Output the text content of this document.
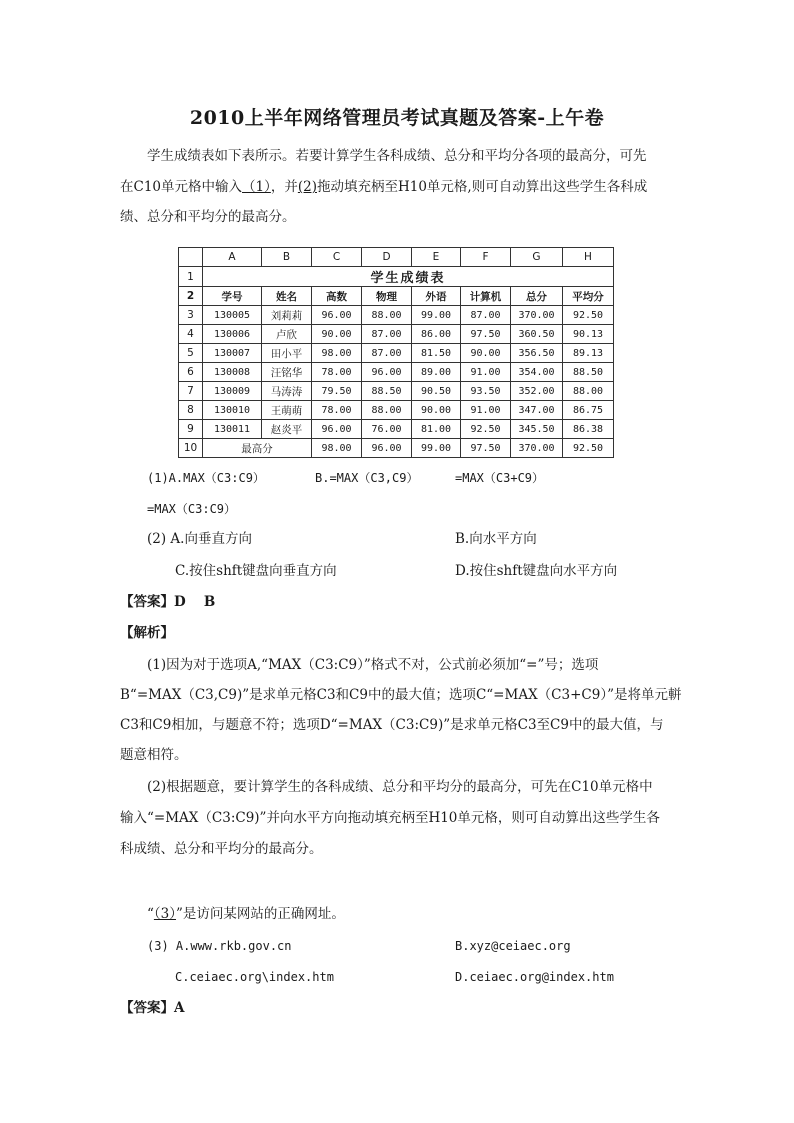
2010上半年网络管理员考试真题及答案-上午卷
学生成绩表如下表所示。若要计算学生各科成绩、总分和平均分各项的最高分，可先
在C10单元格中输入（1），并(2)拖动填充柄至H10单元格,则可自动算出这些学生各科成
绩、总分和平均分的最高分。
	A	B	C	D	E	F	G	H
1	学生成绩表							
2	学号	姓名	高数	物理	外语	计算机	总分	平均分
3	130005	刘莉莉	96.00	88.00	99.00	87.00	370.00	92.50
4	130006	卢欣	90.00	87.00	86.00	97.50	360.50	90.13
5	130007	田小平	98.00	87.00	81.50	90.00	356.50	89.13
6	130008	汪铭华	78.00	96.00	89.00	91.00	354.00	88.50
7	130009	马涛涛	79.50	88.50	90.50	93.50	352.00	88.00
8	130010	王萌萌	78.00	88.00	90.00	91.00	347.00	86.75
9	130011	赵炎平	96.00	76.00	81.00	92.50	345.50	86.38
10	最高分		98.00	96.00	99.00	97.50	370.00	92.50
(1)A.MAX（C3:C9）	B.=MAX（C3,C9）	=MAX（C3+C9）
=MAX（C3:C9）
(2) A.向垂直方向	B.向水平方向
C.按住shft键盘向垂直方向	D.按住shft键盘向水平方向
【答案】D　 B
【解析】
(1)因为对于选项A,“MAX（C3:C9）”格式不对，公式前必须加“=”号；选项
B“=MAX（C3,C9)”是求单元格C3和C9中的最大值；选项C“=MAX（C3+C9）”是将单元軿
C3和C9相加，与题意不符；选项D“=MAX（C3:C9)”是求单元格C3至C9中的最大值，与
题意相符。
(2)根据题意，要计算学生的各科成绩、总分和平均分的最高分，可先在C10单元格中
输入“=MAX（C3:C9)”并向水平方向拖动填充柄至H10单元格，则可自动算出这些学生各
科成绩、总分和平均分的最高分。
“（3）”是访问某网站的正确网址。
(3) A.www.rkb.gov.cn	B.xyz@ceiaec.org
C.ceiaec.org\index.htm	D.ceiaec.org@index.htm
【答案】A
